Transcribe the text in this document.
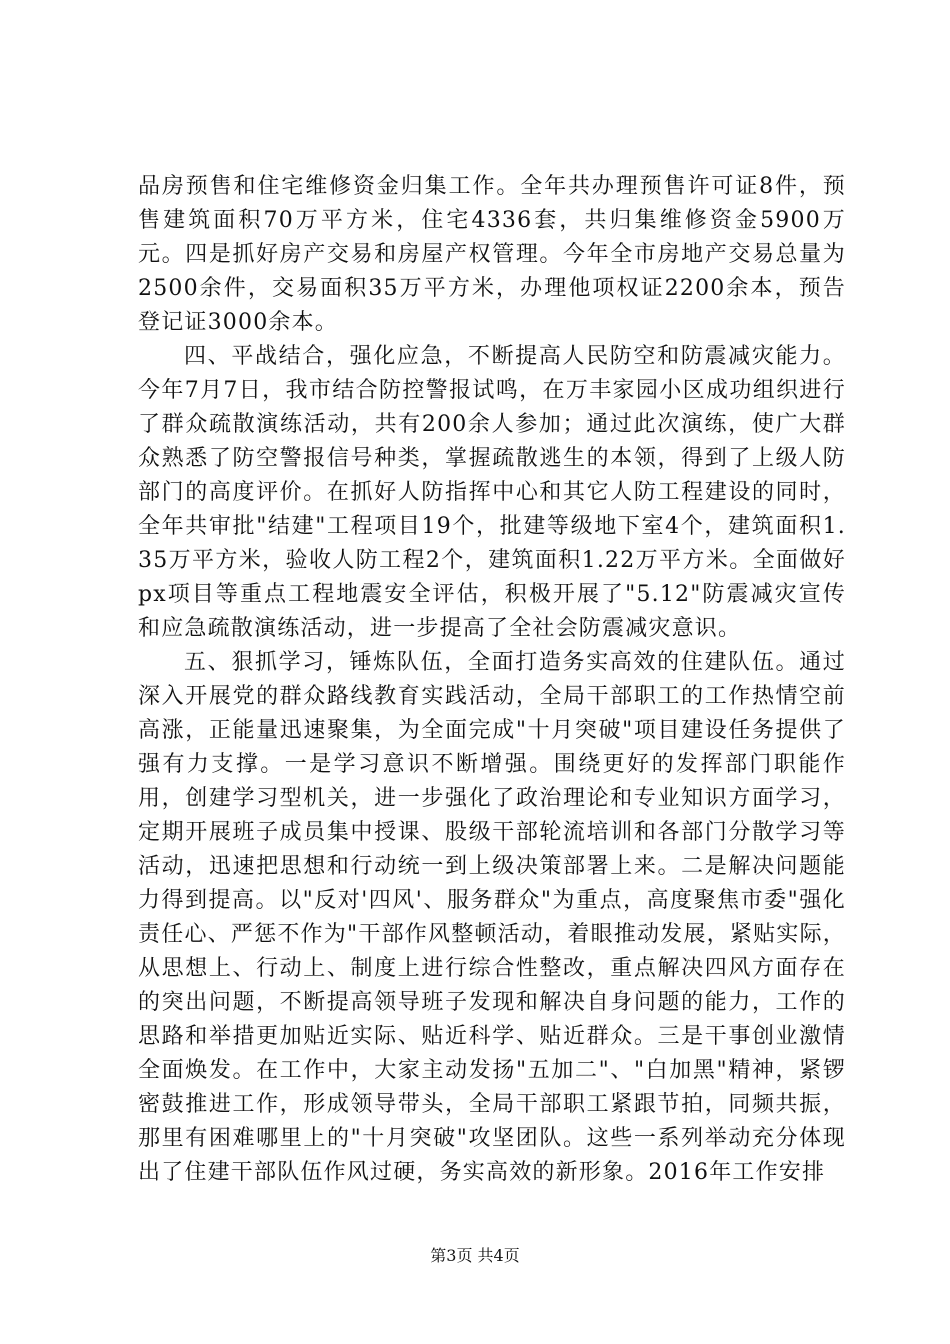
品房预售和住宅维修资金归集工作。全年共办理预售许可证8件，预售建筑面积70万平方米，住宅4336套，共归集维修资金5900万元。四是抓好房产交易和房屋产权管理。今年全市房地产交易总量为2500余件，交易面积35万平方米，办理他项权证2200余本，预告登记证3000余本。

四、平战结合，强化应急，不断提高人民防空和防震减灾能力。今年7月7日，我市结合防控警报试鸣，在万丰家园小区成功组织进行了群众疏散演练活动，共有200余人参加；通过此次演练，使广大群众熟悉了防空警报信号种类，掌握疏散逃生的本领，得到了上级人防部门的高度评价。在抓好人防指挥中心和其它人防工程建设的同时，全年共审批"结建"工程项目19个，批建等级地下室4个，建筑面积1.35万平方米，验收人防工程2个，建筑面积1.22万平方米。全面做好px项目等重点工程地震安全评估，积极开展了"5.12"防震减灾宣传和应急疏散演练活动，进一步提高了全社会防震减灾意识。

五、狠抓学习，锤炼队伍，全面打造务实高效的住建队伍。通过深入开展党的群众路线教育实践活动，全局干部职工的工作热情空前高涨，正能量迅速聚集，为全面完成"十月突破"项目建设任务提供了强有力支撑。一是学习意识不断增强。围绕更好的发挥部门职能作用，创建学习型机关，进一步强化了政治理论和专业知识方面学习，定期开展班子成员集中授课、股级干部轮流培训和各部门分散学习等活动，迅速把思想和行动统一到上级决策部署上来。二是解决问题能力得到提高。以"反对'四风'、服务群众"为重点，高度聚焦市委"强化责任心、严惩不作为"干部作风整顿活动，着眼推动发展，紧贴实际，从思想上、行动上、制度上进行综合性整改，重点解决四风方面存在的突出问题，不断提高领导班子发现和解决自身问题的能力，工作的思路和举措更加贴近实际、贴近科学、贴近群众。三是干事创业激情全面焕发。在工作中，大家主动发扬"五加二"、"白加黑"精神，紧锣密鼓推进工作，形成领导带头，全局干部职工紧跟节拍，同频共振，那里有困难哪里上的"十月突破"攻坚团队。这些一系列举动充分体现出了住建干部队伍作风过硬，务实高效的新形象。2016年工作安排

第3页 共4页
